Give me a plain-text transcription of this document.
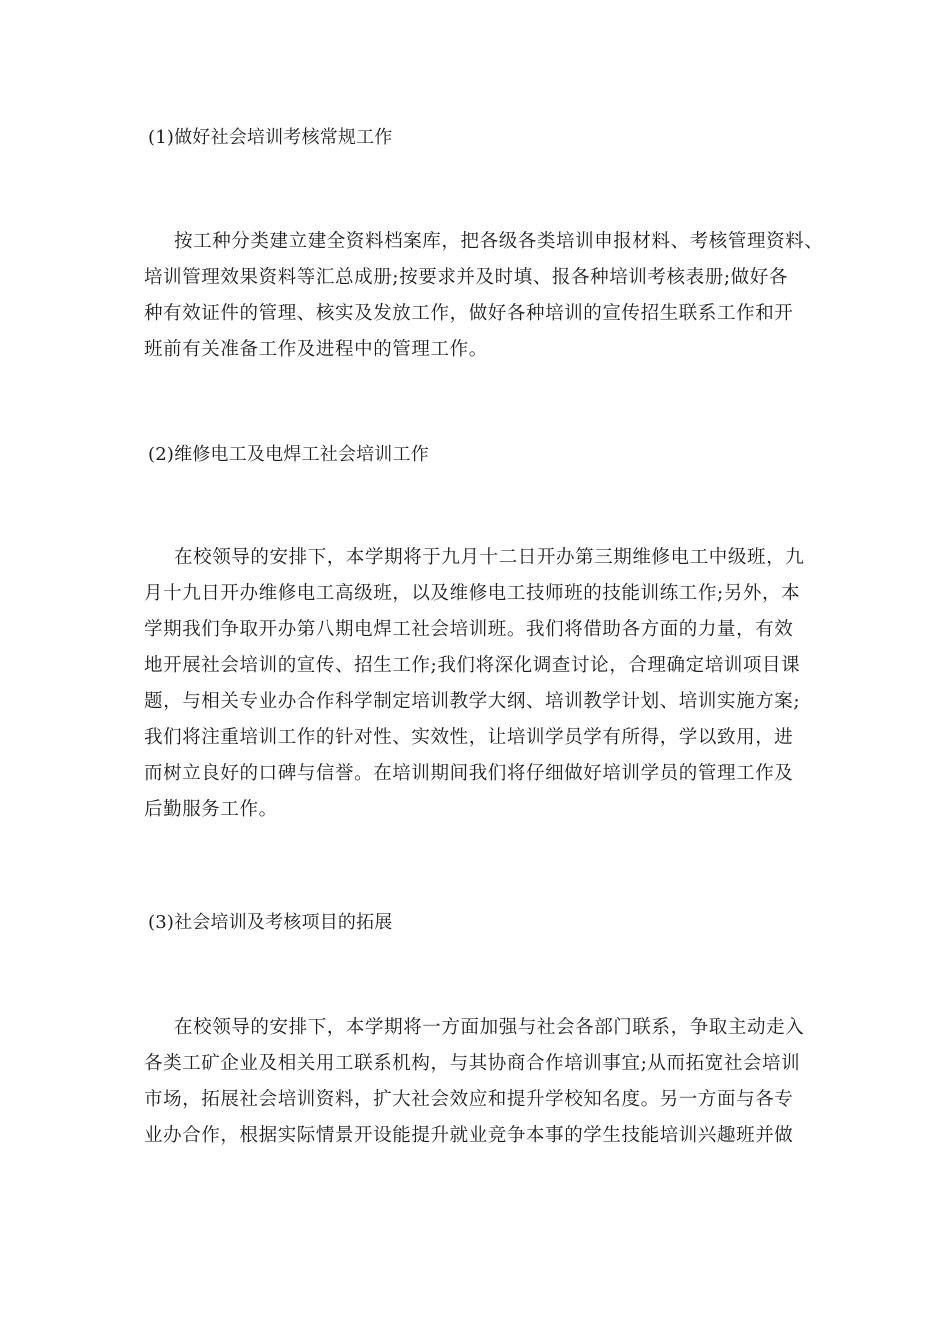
(1)做好社会培训考核常规工作
按工种分类建立建全资料档案库，把各级各类培训申报材料、考核管理资料、
培训管理效果资料等汇总成册;按要求并及时填、报各种培训考核表册;做好各
种有效证件的管理、核实及发放工作，做好各种培训的宣传招生联系工作和开
班前有关准备工作及进程中的管理工作。
(2)维修电工及电焊工社会培训工作
在校领导的安排下，本学期将于九月十二日开办第三期维修电工中级班，九
月十九日开办维修电工高级班，以及维修电工技师班的技能训练工作;另外，本
学期我们争取开办第八期电焊工社会培训班。我们将借助各方面的力量，有效
地开展社会培训的宣传、招生工作;我们将深化调查讨论，合理确定培训项目课
题，与相关专业办合作科学制定培训教学大纲、培训教学计划、培训实施方案;
我们将注重培训工作的针对性、实效性，让培训学员学有所得，学以致用，进
而树立良好的口碑与信誉。在培训期间我们将仔细做好培训学员的管理工作及
后勤服务工作。
(3)社会培训及考核项目的拓展
在校领导的安排下，本学期将一方面加强与社会各部门联系，争取主动走入
各类工矿企业及相关用工联系机构，与其协商合作培训事宜;从而拓宽社会培训
市场，拓展社会培训资料，扩大社会效应和提升学校知名度。另一方面与各专
业办合作，根据实际情景开设能提升就业竞争本事的学生技能培训兴趣班并做
